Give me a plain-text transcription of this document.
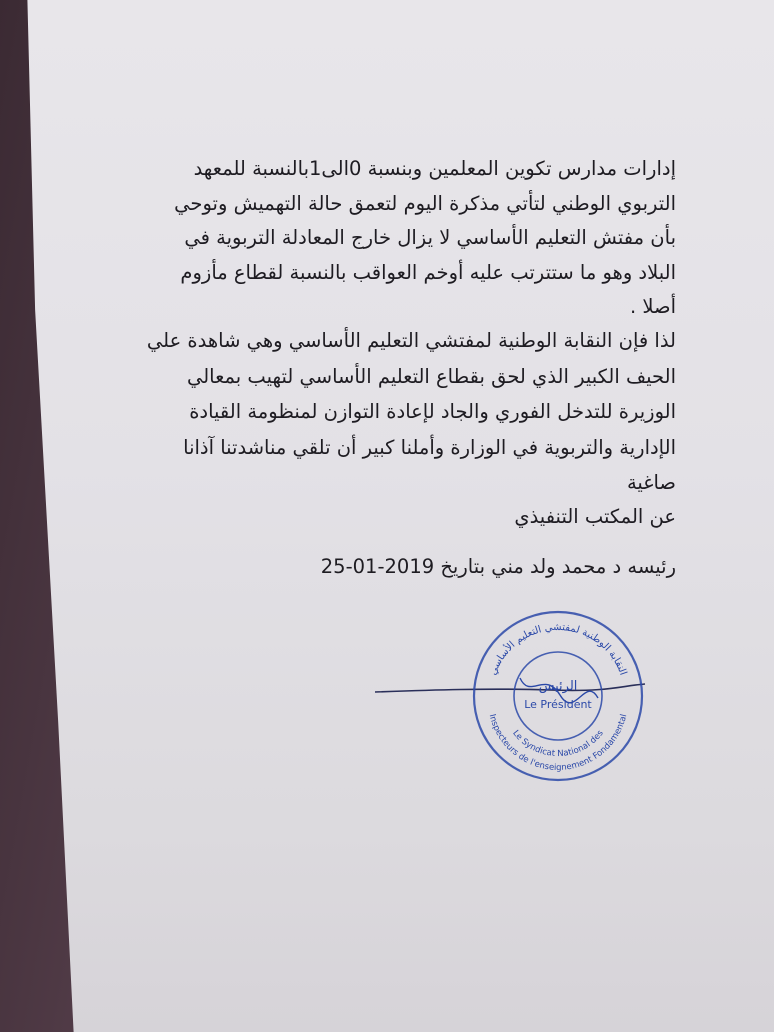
إدارات مدارس تكوين المعلمين وبنسبة 0الى1بالنسبة للمعهد
التربوي الوطني لتأتي مذكرة اليوم لتعمق حالة التهميش وتوحي
بأن مفتش التعليم الأساسي لا يزال خارج المعادلة التربوية في
البلاد وهو ما ستترتب عليه أوخم العواقب بالنسبة لقطاع مأزوم
أصلا .
لذا فإن النقابة الوطنية لمفتشي التعليم الأساسي وهي شاهدة علي
الحيف الكبير الذي لحق بقطاع التعليم الأساسي لتهيب بمعالي
الوزيرة للتدخل الفوري والجاد لإعادة التوازن لمنظومة القيادة
الإدارية والتربوية في الوزارة وأملنا كبير أن تلقي مناشدتنا آذانا
صاغية
عن المكتب التنفيذي
رئيسه د محمد ولد مني بتاريخ 2019-01-25
النقابة الوطنية لمفتشي التعليم الأساسي
الرئيس
Le Président
Le Syndicat National des
Inspecteurs de l'enseignement Fondamental
